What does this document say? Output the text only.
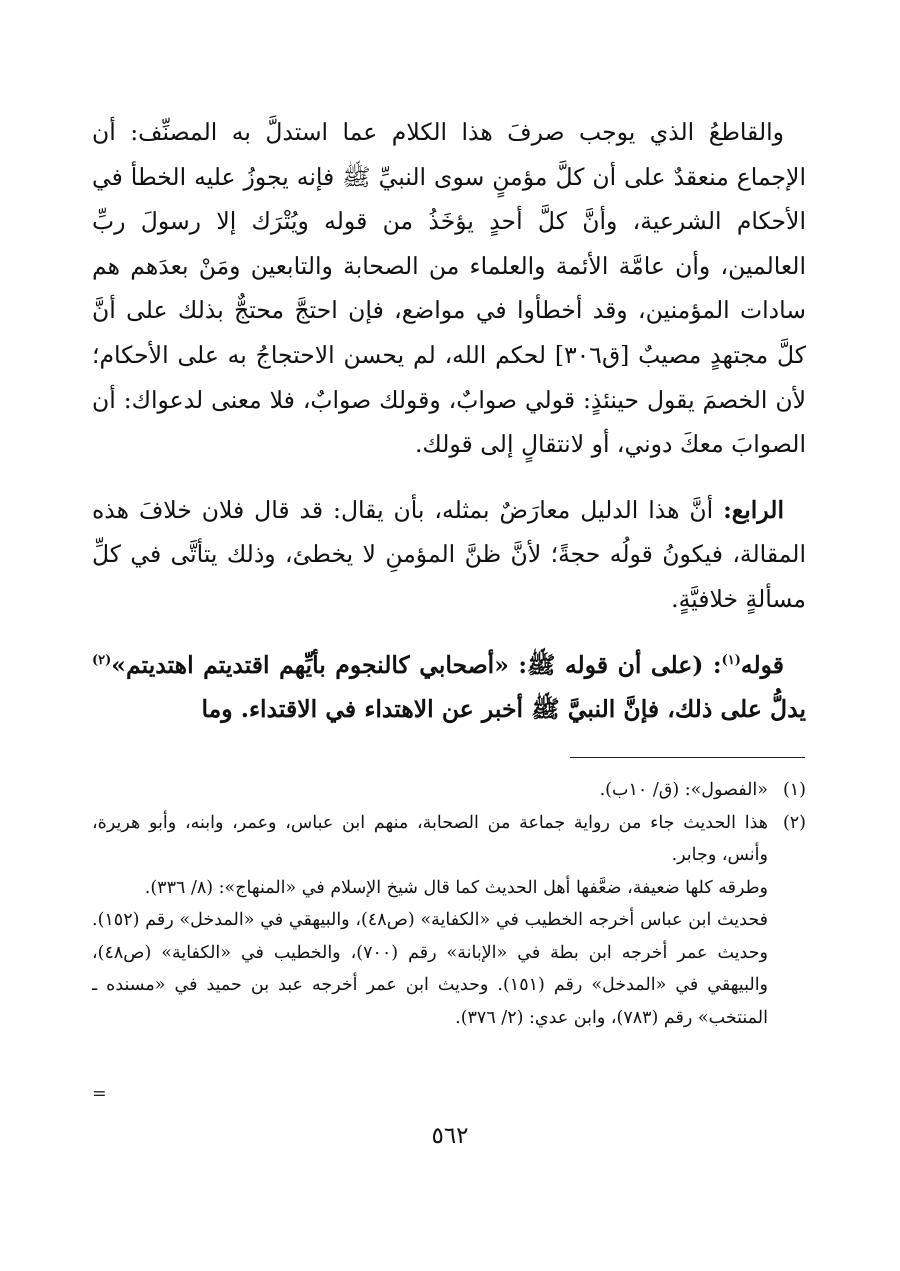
والقاطعُ الذي يوجب صرفَ هذا الكلام عما استدلَّ به المصنِّف: أن الإجماع منعقدٌ على أن كلَّ مؤمنٍ سوى النبيِّ ﷺ فإنه يجوزُ عليه الخطأ في الأحكام الشرعية، وأنَّ كلَّ أحدٍ يؤخَذُ من قوله ويُتْرَك إلا رسولَ ربِّ العالمين، وأن عامَّة الأئمة والعلماء من الصحابة والتابعين ومَنْ بعدَهم هم سادات المؤمنين، وقد أخطأوا في مواضع، فإن احتجَّ محتجٌّ بذلك على أنَّ كلَّ مجتهدٍ مصيبٌ [ق٣٠٦] لحكم الله، لم يحسن الاحتجاجُ به على الأحكام؛ لأن الخصمَ يقول حينئذٍ: قولي صوابٌ، وقولك صوابٌ، فلا معنى لدعواك: أن الصوابَ معكَ دوني، أو لانتقالٍ إلى قولك.

الرابع: أنَّ هذا الدليل معارَضٌ بمثله، بأن يقال: قد قال فلان خلافَ هذه المقالة، فيكونُ قولُه حجةً؛ لأنَّ ظنَّ المؤمنِ لا يخطئ، وذلك يتأتَّى في كلِّ مسألةٍ خلافيَّةٍ.

قوله$^{(١)}$: (على أن قوله ﷺ: «أصحابي كالنجوم بأيِّهم اقتديتم اهتديتم»$^{(٢)}$ يدلُّ على ذلك، فإنَّ النبيَّ ﷺ أخبر عن الاهتداء في الاقتداء. وما

(١)

«الفصول»: (ق/ ١٠ب).

(٢)

هذا الحديث جاء من رواية جماعة من الصحابة، منهم ابن عباس، وعمر، وابنه، وأبو هريرة، وأنس، وجابر.

وطرقه كلها ضعيفة، ضعَّفها أهل الحديث كما قال شيخ الإسلام في «المنهاج»: (٨/ ٣٣٦).

فحديث ابن عباس أخرجه الخطيب في «الكفاية» (ص٤٨)، والبيهقي في «المدخل» رقم (١٥٢). وحديث عمر أخرجه ابن بطة في «الإبانة» رقم (٧٠٠)، والخطيب في «الكفاية» (ص٤٨)، والبيهقي في «المدخل» رقم (١٥١). وحديث ابن عمر أخرجه عبد بن حميد في «مسنده ـ المنتخب» رقم (٧٨٣)، وابن عدي: (٢/ ٣٧٦).

=
٥٦٢
